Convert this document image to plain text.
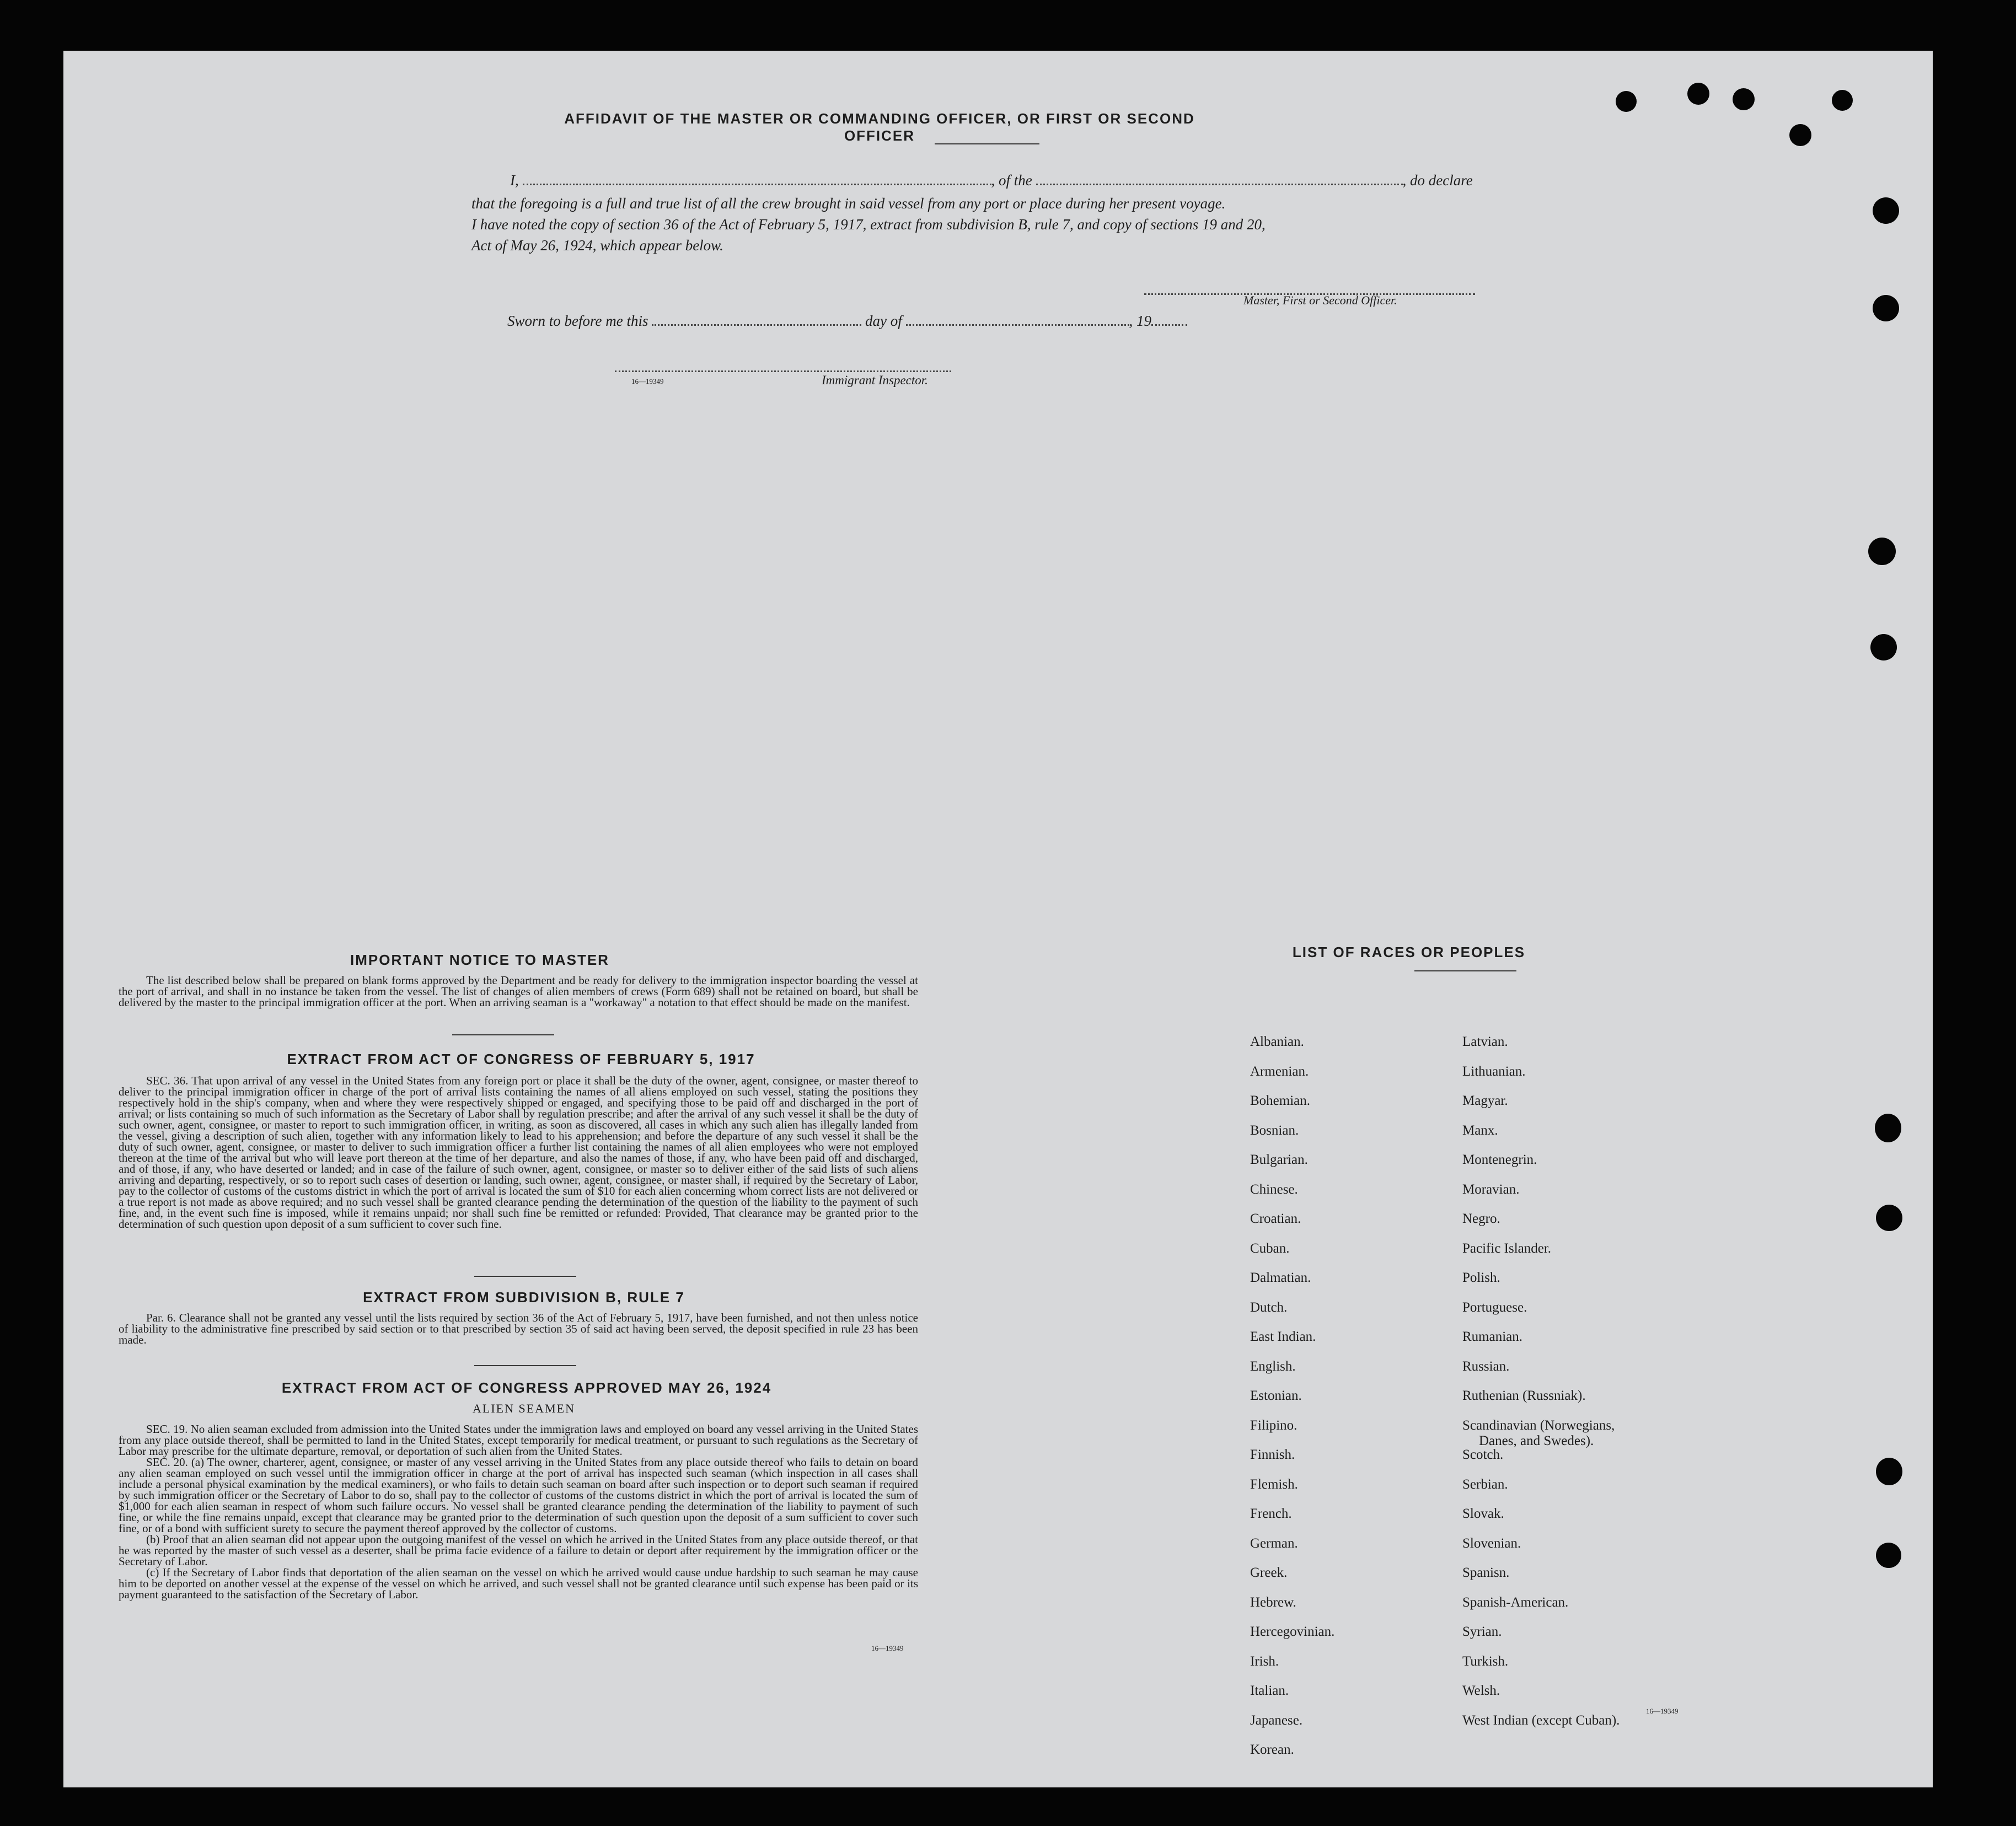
AFFIDAVIT OF THE MASTER OR COMMANDING OFFICER, OR FIRST OR SECOND OFFICER
I,	, of the	, do declare
that the foregoing is a full and true list of all the crew brought in said vessel from any port or place during her present voyage.
I have noted the copy of section 36 of the Act of February 5, 1917, extract from subdivision B, rule 7, and copy of sections 19 and 20,
Act of May 26, 1924, which appear below.
Master, First or Second Officer.
Sworn to before me this	day of	, 19
16—19349	Immigrant Inspector.
IMPORTANT NOTICE TO MASTER
The list described below shall be prepared on blank forms approved by the Department and be ready for delivery to the immigration inspector boarding the vessel at the port of arrival, and shall in no instance be taken from the vessel. The list of changes of alien members of crews (Form 689) shall not be retained on board, but shall be delivered by the master to the principal immigration officer at the port. When an arriving seaman is a "workaway" a notation to that effect should be made on the manifest.
EXTRACT FROM ACT OF CONGRESS OF FEBRUARY 5, 1917
SEC. 36. That upon arrival of any vessel in the United States from any foreign port or place it shall be the duty of the owner, agent, consignee, or master thereof to deliver to the principal immigration officer in charge of the port of arrival lists containing the names of all aliens employed on such vessel, stating the positions they respectively hold in the ship's company, when and where they were respectively shipped or engaged, and specifying those to be paid off and discharged in the port of arrival; or lists containing so much of such information as the Secretary of Labor shall by regulation prescribe; and after the arrival of any such vessel it shall be the duty of such owner, agent, consignee, or master to report to such immigration officer, in writing, as soon as discovered, all cases in which any such alien has illegally landed from the vessel, giving a description of such alien, together with any information likely to lead to his apprehension; and before the departure of any such vessel it shall be the duty of such owner, agent, consignee, or master to deliver to such immigration officer a further list containing the names of all alien employees who were not employed thereon at the time of the arrival but who will leave port thereon at the time of her departure, and also the names of those, if any, who have been paid off and discharged, and of those, if any, who have deserted or landed; and in case of the failure of such owner, agent, consignee, or master so to deliver either of the said lists of such aliens arriving and departing, respectively, or so to report such cases of desertion or landing, such owner, agent, consignee, or master shall, if required by the Secretary of Labor, pay to the collector of customs of the customs district in which the port of arrival is located the sum of $10 for each alien concerning whom correct lists are not delivered or a true report is not made as above required; and no such vessel shall be granted clearance pending the determination of the question of the liability to the payment of such fine, and, in the event such fine is imposed, while it remains unpaid; nor shall such fine be remitted or refunded: Provided, That clearance may be granted prior to the determination of such question upon deposit of a sum sufficient to cover such fine.
EXTRACT FROM SUBDIVISION B, RULE 7
Par. 6. Clearance shall not be granted any vessel until the lists required by section 36 of the Act of February 5, 1917, have been furnished, and not then unless notice of liability to the administrative fine prescribed by said section or to that prescribed by section 35 of said act having been served, the deposit specified in rule 23 has been made.
EXTRACT FROM ACT OF CONGRESS APPROVED MAY 26, 1924
ALIEN SEAMEN
SEC. 19. No alien seaman excluded from admission into the United States under the immigration laws and employed on board any vessel arriving in the United States from any place outside thereof, shall be permitted to land in the United States, except temporarily for medical treatment, or pursuant to such regulations as the Secretary of Labor may prescribe for the ultimate departure, removal, or deportation of such alien from the United States.
SEC. 20. (a) The owner, charterer, agent, consignee, or master of any vessel arriving in the United States from any place outside thereof who fails to detain on board any alien seaman employed on such vessel until the immigration officer in charge at the port of arrival has inspected such seaman (which inspection in all cases shall include a personal physical examination by the medical examiners), or who fails to detain such seaman on board after such inspection or to deport such seaman if required by such immigration officer or the Secretary of Labor to do so, shall pay to the collector of customs of the customs district in which the port of arrival is located the sum of $1,000 for each alien seaman in respect of whom such failure occurs. No vessel shall be granted clearance pending the determination of the liability to payment of such fine, or while the fine remains unpaid, except that clearance may be granted prior to the determination of such question upon the deposit of a sum sufficient to cover such fine, or of a bond with sufficient surety to secure the payment thereof approved by the collector of customs.
(b) Proof that an alien seaman did not appear upon the outgoing manifest of the vessel on which he arrived in the United States from any place outside thereof, or that he was reported by the master of such vessel as a deserter, shall be prima facie evidence of a failure to detain or deport after requirement by the immigration officer or the Secretary of Labor.
(c) If the Secretary of Labor finds that deportation of the alien seaman on the vessel on which he arrived would cause undue hardship to such seaman he may cause him to be deported on another vessel at the expense of the vessel on which he arrived, and such vessel shall not be granted clearance until such expense has been paid or its payment guaranteed to the satisfaction of the Secretary of Labor.
16—19349
LIST OF RACES OR PEOPLES
16—19349
Albanian.
Armenian.
Bohemian.
Bosnian.
Bulgarian.
Chinese.
Croatian.
Cuban.
Dalmatian.
Dutch.
East Indian.
English.
Estonian.
Filipino.
Finnish.
Flemish.
French.
German.
Greek.
Hebrew.
Hercegovinian.
Irish.
Italian.
Japanese.
Korean.
Latvian.
Lithuanian.
Magyar.
Manx.
Montenegrin.
Moravian.
Negro.
Pacific Islander.
Polish.
Portuguese.
Rumanian.
Russian.
Ruthenian (Russniak).
Scandinavian (Norwegians,
Danes, and Swedes).
Scotch.
Serbian.
Slovak.
Slovenian.
Spanisn.
Spanish-American.
Syrian.
Turkish.
Welsh.
West Indian (except Cuban).
